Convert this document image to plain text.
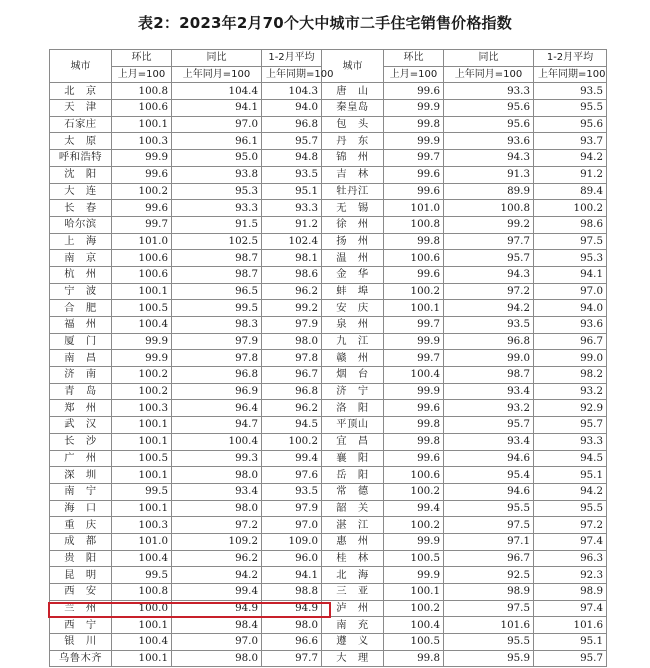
表2：2023年2月70个大中城市二手住宅销售价格指数
城市	环比	同比	1-2月平均	城市	环比	同比	1-2月平均
	上月=100	上年同月=100	上年同期=100		上月=100	上年同月=100	上年同期=100
北　京	100.8	104.4	104.3	唐　山	99.6	93.3	93.5
天　津	100.6	94.1	94.0	秦皇岛	99.9	95.6	95.5
石家庄	100.1	97.0	96.8	包　头	99.8	95.6	95.6
太　原	100.3	96.1	95.7	丹　东	99.9	93.6	93.7
呼和浩特	99.9	95.0	94.8	锦　州	99.7	94.3	94.2
沈　阳	99.6	93.8	93.5	吉　林	99.6	91.3	91.2
大　连	100.2	95.3	95.1	牡丹江	99.6	89.9	89.4
长　春	99.6	93.3	93.3	无　锡	101.0	100.8	100.2
哈尔滨	99.7	91.5	91.2	徐　州	100.8	99.2	98.6
上　海	101.0	102.5	102.4	扬　州	99.8	97.7	97.5
南　京	100.6	98.7	98.1	温　州	100.6	95.7	95.3
杭　州	100.6	98.7	98.6	金　华	99.6	94.3	94.1
宁　波	100.1	96.5	96.2	蚌　埠	100.2	97.2	97.0
合　肥	100.5	99.5	99.2	安　庆	100.1	94.2	94.0
福　州	100.4	98.3	97.9	泉　州	99.7	93.5	93.6
厦　门	99.9	97.9	98.0	九　江	99.9	96.8	96.7
南　昌	99.9	97.8	97.8	赣　州	99.7	99.0	99.0
济　南	100.2	96.8	96.7	烟　台	100.4	98.7	98.2
青　岛	100.2	96.9	96.8	济　宁	99.9	93.4	93.2
郑　州	100.3	96.4	96.2	洛　阳	99.6	93.2	92.9
武　汉	100.1	94.7	94.5	平顶山	99.8	95.7	95.7
长　沙	100.1	100.4	100.2	宜　昌	99.8	93.4	93.3
广　州	100.5	99.3	99.4	襄　阳	99.6	94.6	94.5
深　圳	100.1	98.0	97.6	岳　阳	100.6	95.4	95.1
南　宁	99.5	93.4	93.5	常　德	100.2	94.6	94.2
海　口	100.1	98.0	97.9	韶　关	99.4	95.5	95.5
重　庆	100.3	97.2	97.0	湛　江	100.2	97.5	97.2
成　都	101.0	109.2	109.0	惠　州	99.9	97.1	97.4
贵　阳	100.4	96.2	96.0	桂　林	100.5	96.7	96.3
昆　明	99.5	94.2	94.1	北　海	99.9	92.5	92.3
西　安	100.8	99.4	98.8	三　亚	100.1	98.9	98.9
兰　州	100.0	94.9	94.9	泸　州	100.2	97.5	97.4
西　宁	100.1	98.4	98.0	南　充	100.4	101.6	101.6
银　川	100.4	97.0	96.6	遵　义	100.5	95.5	95.1
乌鲁木齐	100.1	98.0	97.7	大　理	99.8	95.9	95.7
